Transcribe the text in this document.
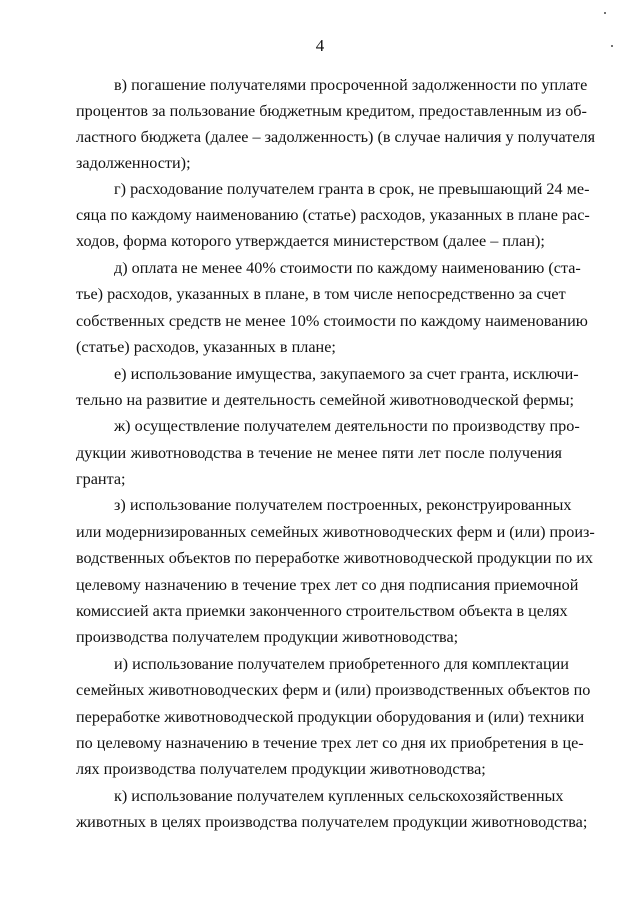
4
в) погашение получателями просроченной задолженности по уплате
процентов за пользование бюджетным кредитом, предоставленным из об-
ластного бюджета (далее – задолженность) (в случае наличия у получателя
задолженности);
г) расходование получателем гранта в срок, не превышающий 24 ме-
сяца по каждому наименованию (статье) расходов, указанных в плане рас-
ходов, форма которого утверждается министерством (далее – план);
д) оплата не менее 40% стоимости по каждому наименованию (ста-
тье) расходов, указанных в плане, в том числе непосредственно за счет
собственных средств не менее 10% стоимости по каждому наименованию
(статье) расходов, указанных в плане;
е) использование имущества, закупаемого за счет гранта, исключи-
тельно на развитие и деятельность семейной животноводческой фермы;
ж) осуществление получателем деятельности по производству про-
дукции животноводства в течение не менее пяти лет после получения
гранта;
з) использование получателем построенных, реконструированных
или модернизированных семейных животноводческих ферм и (или) произ-
водственных объектов по переработке животноводческой продукции по их
целевому назначению в течение трех лет со дня подписания приемочной
комиссией акта приемки законченного строительством объекта в целях
производства получателем продукции животноводства;
и) использование получателем приобретенного для комплектации
семейных животноводческих ферм и (или) производственных объектов по
переработке животноводческой продукции оборудования и (или) техники
по целевому назначению в течение трех лет со дня их приобретения в це-
лях производства получателем продукции животноводства;
к) использование получателем купленных сельскохозяйственных
животных в целях производства получателем продукции животноводства;
